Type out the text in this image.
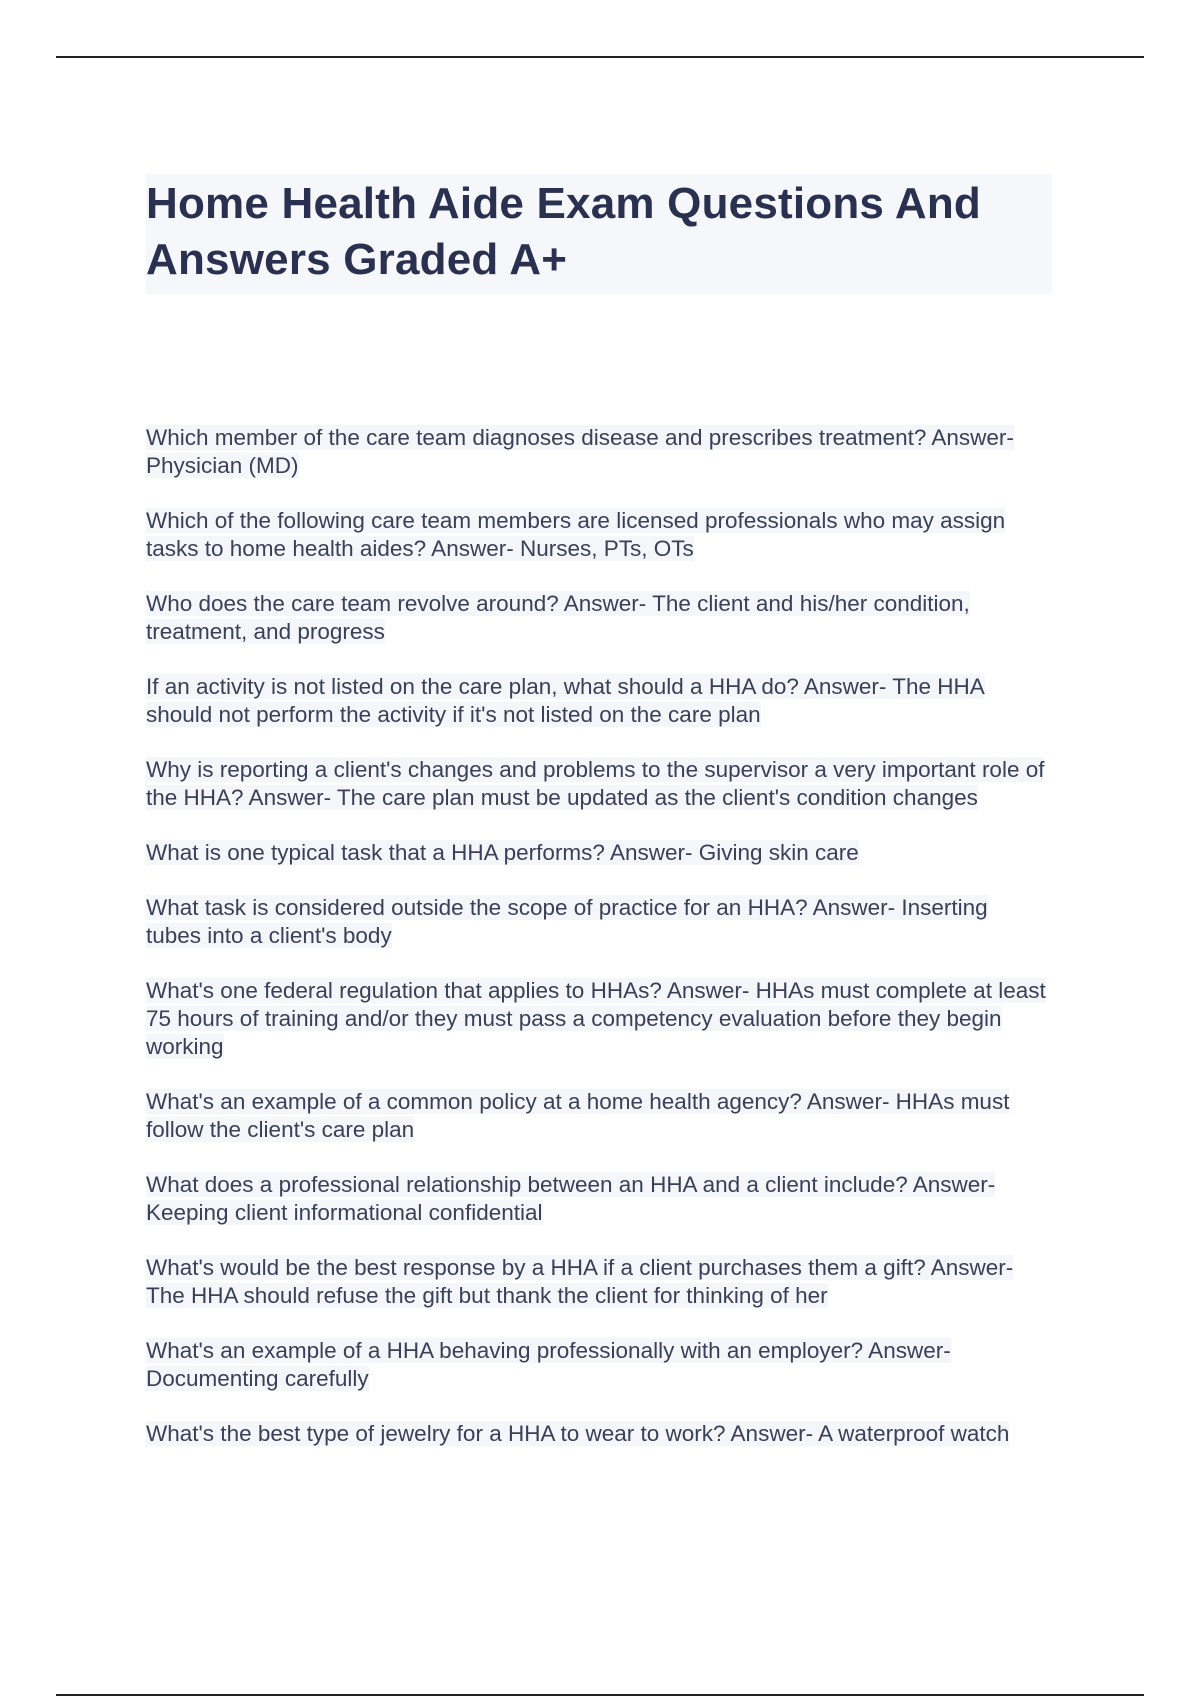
Home Health Aide Exam Questions And Answers Graded A+
Which member of the care team diagnoses disease and prescribes treatment? Answer- Physician (MD)
Which of the following care team members are licensed professionals who may assign tasks to home health aides? Answer- Nurses, PTs, OTs
Who does the care team revolve around? Answer- The client and his/her condition, treatment, and progress
If an activity is not listed on the care plan, what should a HHA do? Answer- The HHA should not perform the activity if it's not listed on the care plan
Why is reporting a client's changes and problems to the supervisor a very important role of the HHA? Answer- The care plan must be updated as the client's condition changes
What is one typical task that a HHA performs? Answer- Giving skin care
What task is considered outside the scope of practice for an HHA? Answer- Inserting tubes into a client's body
What's one federal regulation that applies to HHAs? Answer- HHAs must complete at least 75 hours of training and/or they must pass a competency evaluation before they begin working
What's an example of a common policy at a home health agency? Answer- HHAs must follow the client's care plan
What does a professional relationship between an HHA and a client include? Answer- Keeping client informational confidential
What's would be the best response by a HHA if a client purchases them a gift? Answer- The HHA should refuse the gift but thank the client for thinking of her
What's an example of a HHA behaving professionally with an employer? Answer- Documenting carefully
What's the best type of jewelry for a HHA to wear to work? Answer- A waterproof watch
